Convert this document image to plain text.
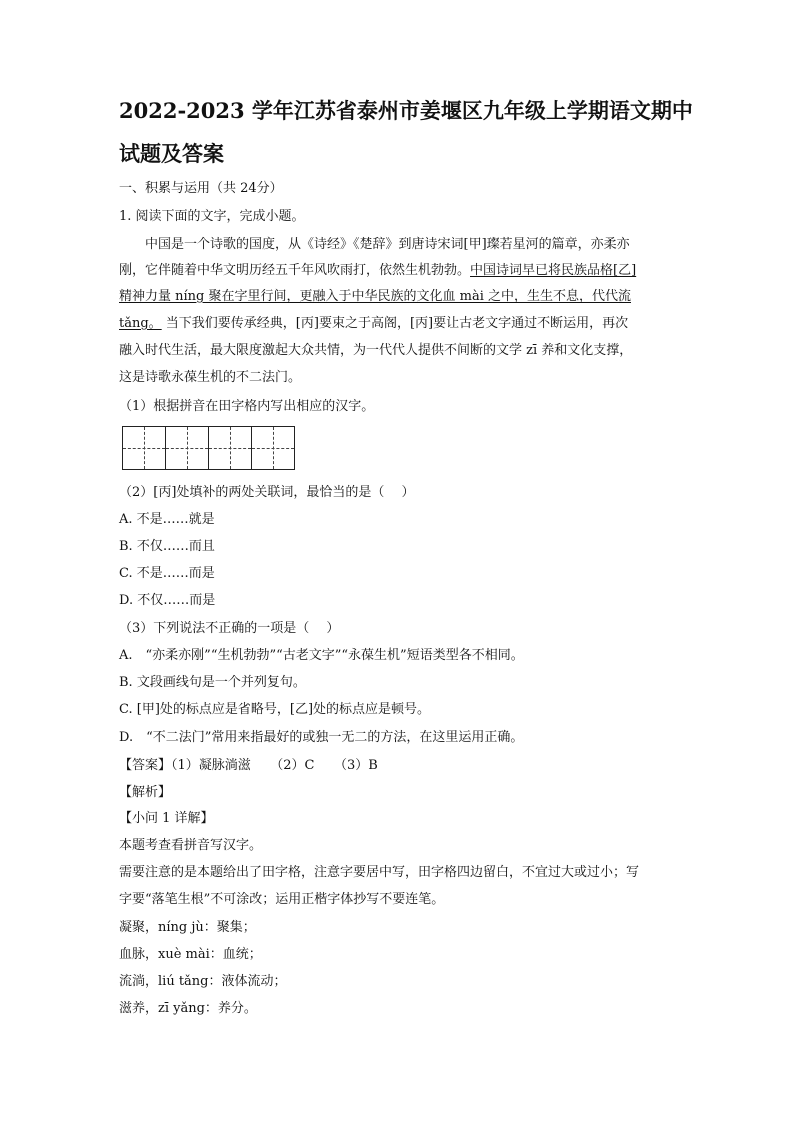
2022-2023 学年江苏省泰州市姜堰区九年级上学期语文期中
试题及答案
一、积累与运用（共 24分）
1. 阅读下面的文字，完成小题。
中国是一个诗歌的国度，从《诗经》《楚辞》到唐诗宋词[甲]璨若星河的篇章，亦柔亦
刚，它伴随着中华文明历经五千年风吹雨打，依然生机勃勃。中国诗词早已将民族品格[乙]
精神力量 níng 聚在字里行间，更融入于中华民族的文化血 mài 之中，生生不息，代代流
tǎng。 当下我们要传承经典，[丙]要束之于高阁，[丙]要让古老文字通过不断运用，再次
融入时代生活，最大限度激起大众共情，为一代代人提供不间断的文学 zī 养和文化支撑，
这是诗歌永葆生机的不二法门。
（1）根据拼音在田字格内写出相应的汉字。
（2）[丙]处填补的两处关联词，最恰当的是（　 ）
A. 不是……就是
B. 不仅……而且
C. 不是……而是
D. 不仅……而是
（3）下列说法不正确的一项是（　 ）
A.　“亦柔亦刚”“生机勃勃”“古老文字”“永葆生机”短语类型各不相同。
B. 文段画线句是一个并列复句。
C. [甲]处的标点应是省略号，[乙]处的标点应是顿号。
D.　“不二法门”常用来指最好的或独一无二的方法，在这里运用正确。
【答案】（1）凝脉淌滋　　（2）C　　（3）B
【解析】
【小问 1 详解】
本题考查看拼音写汉字。
需要注意的是本题给出了田字格，注意字要居中写，田字格四边留白，不宜过大或过小；写
字要“落笔生根”不可涂改；运用正楷字体抄写不要连笔。
凝聚，níng jù：聚集；
血脉，xuè mài：血统；
流淌，liú tǎng：液体流动；
滋养，zī yǎng：养分。
